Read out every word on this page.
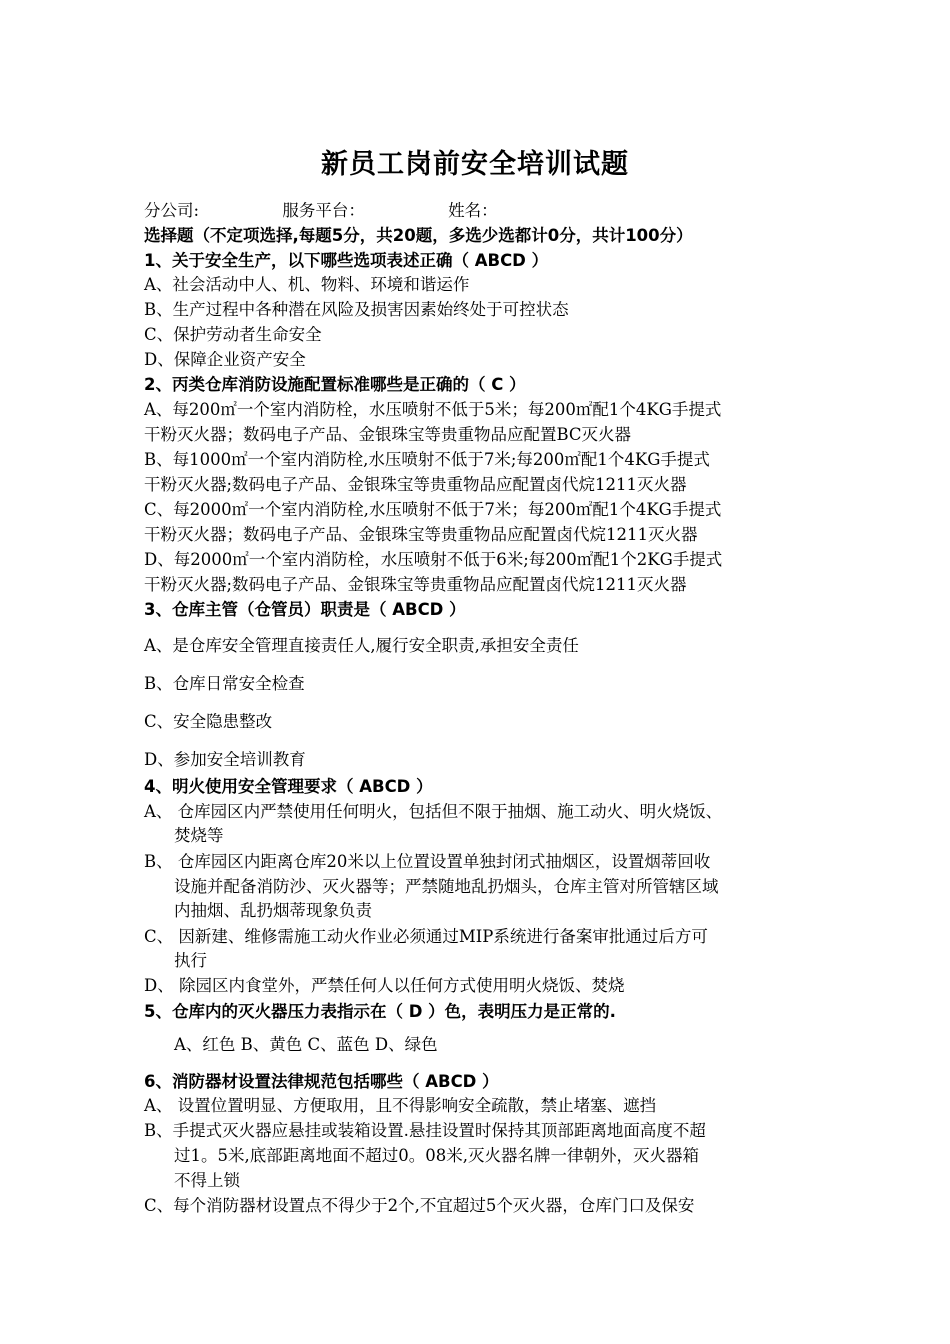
新员工岗前安全培训试题
分公司:	服务平台：	姓名：
选择题（不定项选择,每题5分，共20题，多选少选都计0分，共计100分）
1、关于安全生产，以下哪些选项表述正确（ ABCD ）
A、社会活动中人、机、物料、环境和谐运作
B、生产过程中各种潜在风险及损害因素始终处于可控状态
C、保护劳动者生命安全
D、保障企业资产安全
2、丙类仓库消防设施配置标准哪些是正确的（ C ）
A、每200㎡一个室内消防栓，水压喷射不低于5米；每200㎡配1个4KG手提式
干粉灭火器；数码电子产品、金银珠宝等贵重物品应配置BC灭火器
B、每1000㎡一个室内消防栓,水压喷射不低于7米;每200㎡配1个4KG手提式
干粉灭火器;数码电子产品、金银珠宝等贵重物品应配置卤代烷1211灭火器
C、每2000㎡一个室内消防栓,水压喷射不低于7米；每200㎡配1个4KG手提式
干粉灭火器；数码电子产品、金银珠宝等贵重物品应配置卤代烷1211灭火器
D、每2000㎡一个室内消防栓，水压喷射不低于6米;每200㎡配1个2KG手提式
干粉灭火器;数码电子产品、金银珠宝等贵重物品应配置卤代烷1211灭火器
3、仓库主管（仓管员）职责是（ ABCD ）
A、是仓库安全管理直接责任人,履行安全职责,承担安全责任
B、仓库日常安全检查
C、安全隐患整改
D、参加安全培训教育
4、明火使用安全管理要求（ ABCD ）
A、 仓库园区内严禁使用任何明火，包括但不限于抽烟、施工动火、明火烧饭、
焚烧等
B、 仓库园区内距离仓库20米以上位置设置单独封闭式抽烟区，设置烟蒂回收
设施并配备消防沙、灭火器等；严禁随地乱扔烟头，仓库主管对所管辖区域
内抽烟、乱扔烟蒂现象负责
C、 因新建、维修需施工动火作业必须通过MIP系统进行备案审批通过后方可
执行
D、 除园区内食堂外，严禁任何人以任何方式使用明火烧饭、焚烧
5、仓库内的灭火器压力表指示在（ D ）色，表明压力是正常的.
A、红色 B、黄色 C、蓝色 D、绿色
6、消防器材设置法律规范包括哪些（ ABCD ）
A、 设置位置明显、方便取用，且不得影响安全疏散，禁止堵塞、遮挡
B、手提式灭火器应悬挂或装箱设置.悬挂设置时保持其顶部距离地面高度不超
过1。5米,底部距离地面不超过0。08米,灭火器名牌一律朝外，灭火器箱
不得上锁
C、每个消防器材设置点不得少于2个,不宜超过5个灭火器，仓库门口及保安
